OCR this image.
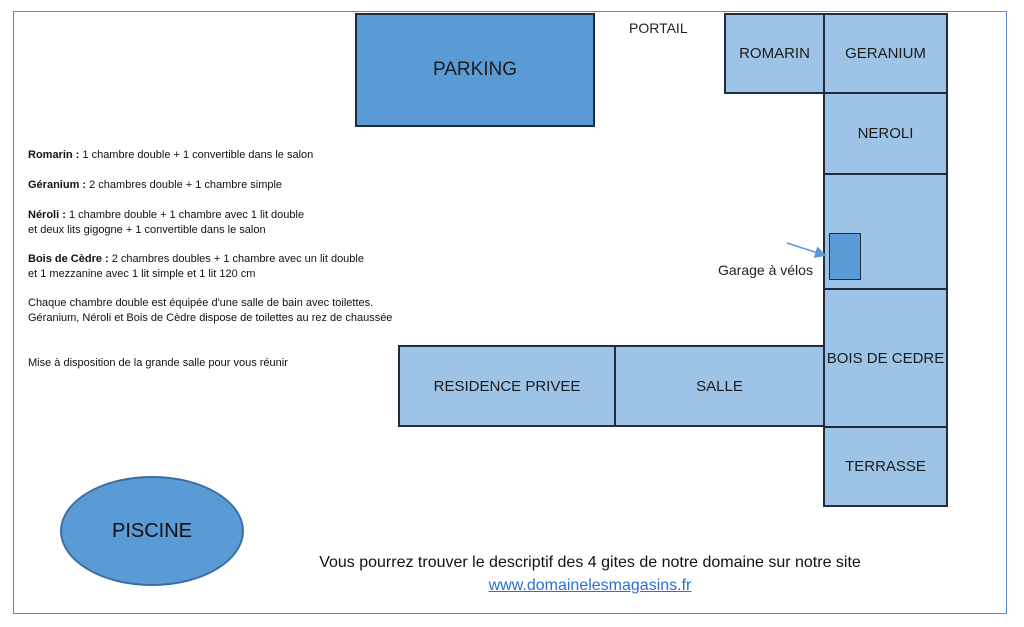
PARKING
PORTAIL
ROMARIN GERANIUM
NEROLI
BOIS DE CEDRE
TERRASSE
RESIDENCE PRIVEE	SALLE
Garage à vélos
Romarin : 1 chambre double + 1 convertible dans le salon
Géranium : 2 chambres double + 1 chambre simple
Néroli : 1 chambre double + 1 chambre avec 1 lit double
et deux lits gigogne + 1 convertible dans le salon
Bois de Cèdre : 2 chambres doubles + 1 chambre avec un lit double
et 1 mezzanine avec 1 lit simple et 1 lit 120 cm
Chaque chambre double est équipée d'une salle de bain avec toilettes.
Géranium, Néroli et Bois de Cèdre dispose de toilettes au rez de chaussée
Mise à disposition de la grande salle pour vous réunir
PISCINE
Vous pourrez trouver le descriptif des 4 gites de notre domaine sur notre site
www.domainelesmagasins.fr
